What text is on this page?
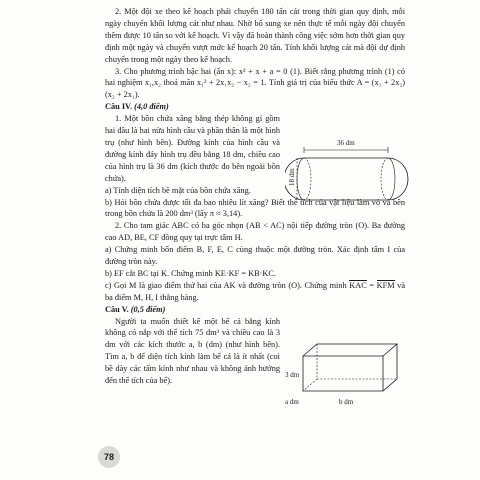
2. Một đội xe theo kế hoạch phải chuyển 180 tấn cát trong thời gian quy định, mỗi ngày chuyển khối lượng cát như nhau. Nhờ bổ sung xe nên thực tế mỗi ngày đội chuyển thêm được 10 tấn so với kế hoạch. Vì vậy đã hoàn thành công việc sớm hơn thời gian quy định một ngày và chuyển vượt mức kế hoạch 20 tấn. Tính khối lượng cát mà đội dự định chuyển trong một ngày theo kế hoạch.

3. Cho phương trình bậc hai (ẩn x): x² + x + a = 0 (1). Biết rằng phương trình (1) có hai nghiệm x₁,x₂ thoả mãn x₁² + 2x₁x₂ − x₂ = 1. Tính giá trị của biểu thức A = (x₁ + 2x₂)(x₂ + 2x₁).

Câu IV. (4,0 điểm)

1. Một bồn chứa xăng bằng thép không gỉ gồm hai đầu là hai nửa hình cầu và phần thân là một hình trụ (như hình bên). Đường kính của hình cầu và đường kính đáy hình trụ đều bằng 18 dm, chiều cao của hình trụ là 36 dm (kích thước đo bên ngoài bồn chứa).

a) Tính diện tích bề mặt của bồn chứa xăng.

b) Hỏi bồn chứa được tối đa bao nhiêu lít xăng? Biết thể tích của vật liệu làm vỏ và bên trong bồn chứa là 200 dm³ (lấy π ≈ 3,14).

2. Cho tam giác ABC có ba góc nhọn (AB < AC) nội tiếp đường tròn (O). Ba đường cao AD, BE, CF đồng quy tại trực tâm H.

a) Chứng minh bốn điểm B, F, E, C cùng thuộc một đường tròn. Xác định tâm I của đường tròn này.

b) EF cắt BC tại K. Chứng minh KE·KF = KB·KC.

c) Gọi M là giao điểm thứ hai của AK và đường tròn (O). Chứng minh KAC = KFM và ba điểm M, H, I thẳng hàng.

Câu V. (0,5 điểm)

Người ta muốn thiết kế một bể cá bằng kính không có nắp với thể tích 75 dm³ và chiều cao là 3 dm với các kích thước a, b (dm) (như hình bên). Tìm a, b để diện tích kính làm bể cá là ít nhất (coi bề dày các tấm kính như nhau và không ảnh hưởng đến thể tích của bể).

36 dm
18 dm
3 dm
a dm	b dm
78
